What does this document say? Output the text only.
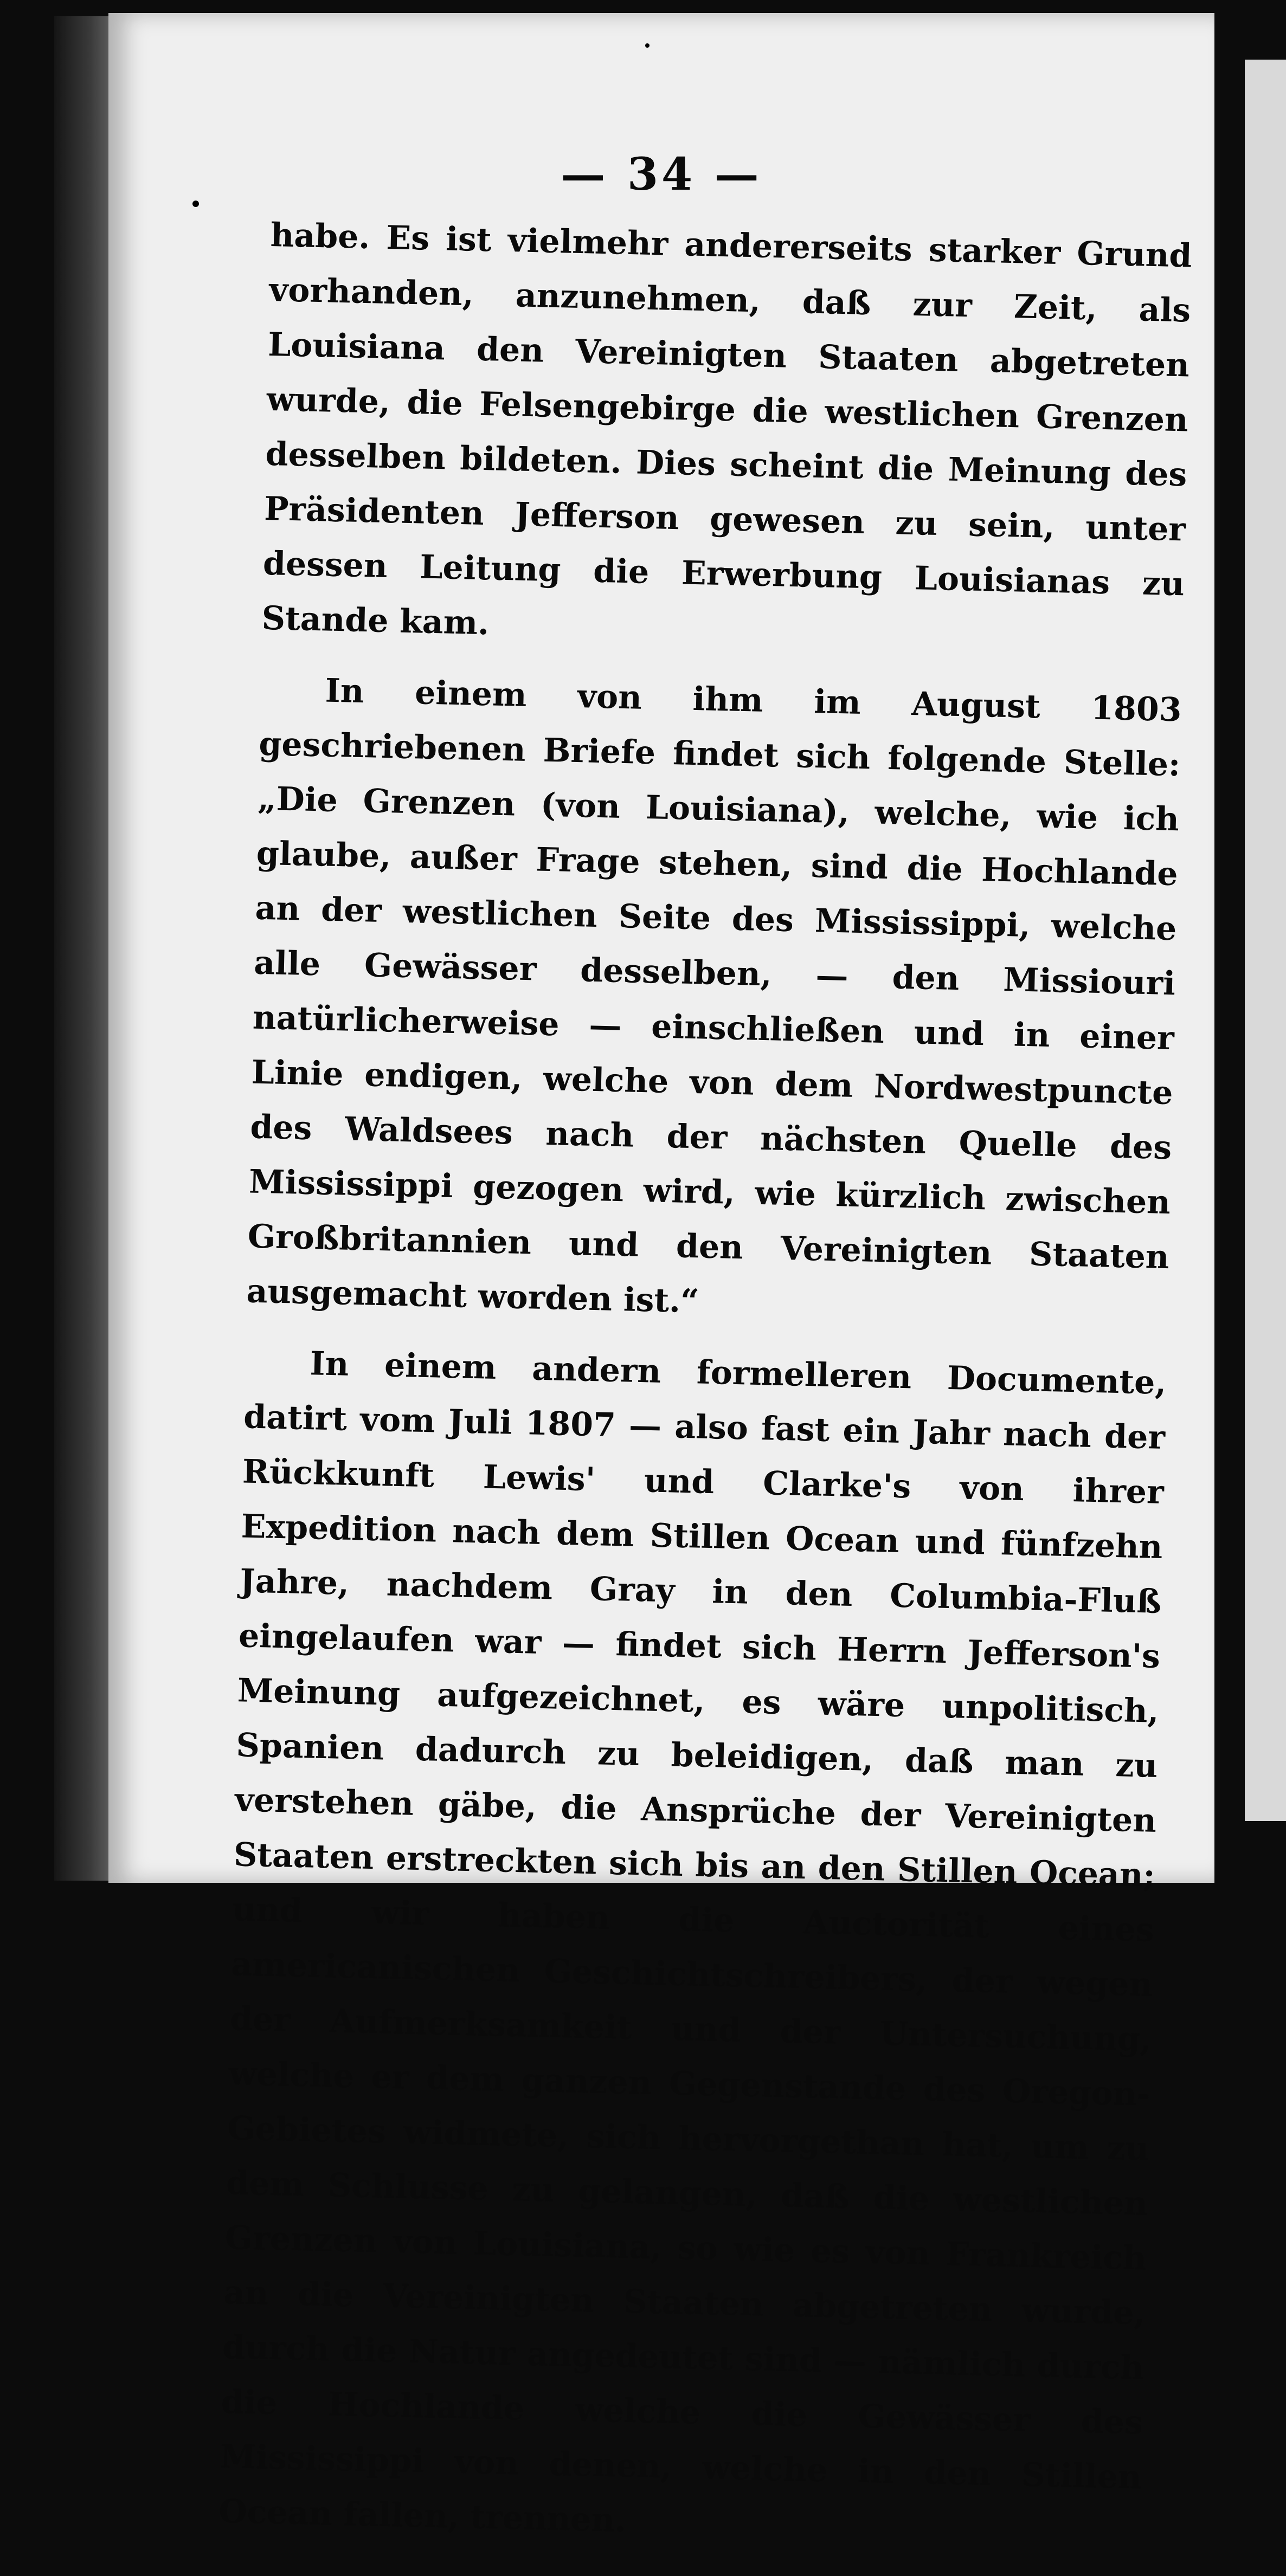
— 34 —

habe. Es ist vielmehr andererseits starker Grund vorhanden, anzunehmen, daß zur Zeit, als Louisiana den Vereinigten Staaten abgetreten wurde, die Felsengebirge die westlichen Grenzen desselben bildeten. Dies scheint die Meinung des Präsidenten Jefferson gewesen zu sein, unter dessen Leitung die Erwerbung Louisianas zu Stande kam.

In einem von ihm im August 1803 geschriebenen Briefe findet sich folgende Stelle: „Die Grenzen (von Louisiana), welche, wie ich glaube, außer Frage stehen, sind die Hochlande an der westlichen Seite des Mississippi, welche alle Gewässer desselben, — den Missiouri natürlicherweise — einschließen und in einer Linie endigen, welche von dem Nordwestpuncte des Waldsees nach der nächsten Quelle des Mississippi gezogen wird, wie kürzlich zwischen Großbritannien und den Vereinigten Staaten ausgemacht worden ist.“

In einem andern formelleren Documente, datirt vom Juli 1807 — also fast ein Jahr nach der Rückkunft Lewis' und Clarke's von ihrer Expedition nach dem Stillen Ocean und fünfzehn Jahre, nachdem Gray in den Columbia-Fluß eingelaufen war — findet sich Herrn Jefferson's Meinung aufgezeichnet, es wäre unpolitisch, Spanien dadurch zu beleidigen, daß man zu verstehen gäbe, die Ansprüche der Vereinigten Staaten erstreckten sich bis an den Stillen Ocean; und wir haben die Auctorität eines americanischen Geschichtschreibers, der wegen der Aufmerksamkeit und der Untersuchung, welche er dem ganzen Gegenstande des Oregon-Gebietes widmete, sich hervorgethan hat, um zu dem Schlusse zu gelangen, daß die westlichen Grenzen von Louisiana, so wie es von Frankreich an die Vereinigten Staaten abgetreten wurde, durch die Natur angedeutet sind — nämlich durch die Hochlande welche die Gewässer des Mississippi von denen, welche in den Stillen Ocean fallen, trennen.
